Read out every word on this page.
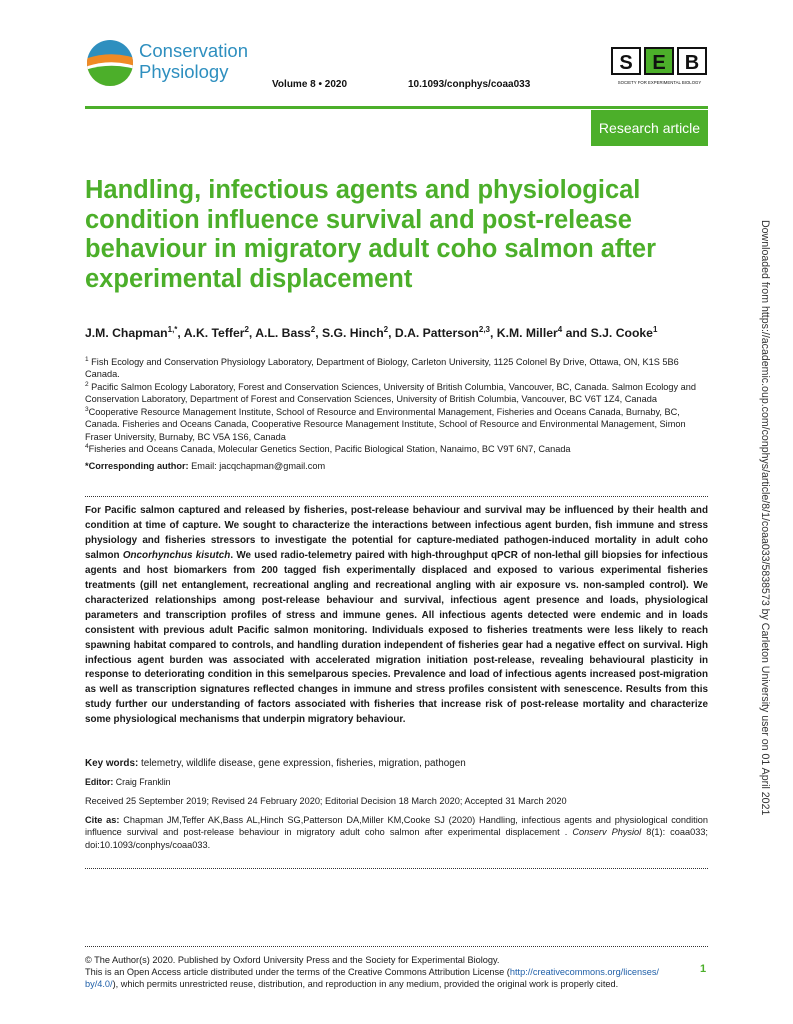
Conservation
Physiology
Volume 8 • 2020	10.1093/conphys/coaa033
S E B
SOCIETY FOR EXPERIMENTAL BIOLOGY
Research article
Handling, infectious agents and physiological condition influence survival and post-release behaviour in migratory adult coho salmon after experimental displacement
J.M. Chapman$^{1,*}$, A.K. Teffer$^2$, A.L. Bass$^2$, S.G. Hinch$^2$, D.A. Patterson$^{2,3}$, K.M. Miller$^4$ and S.J. Cooke$^1$
$^1$ Fish Ecology and Conservation Physiology Laboratory, Department of Biology, Carleton University, 1125 Colonel By Drive, Ottawa, ON, K1S 5B6 Canada.
$^2$ Pacific Salmon Ecology Laboratory, Forest and Conservation Sciences, University of British Columbia, Vancouver, BC, Canada. Salmon Ecology and Conservation Laboratory, Department of Forest and Conservation Sciences, University of British Columbia, Vancouver, BC V6T 1Z4, Canada
$^3$Cooperative Resource Management Institute, School of Resource and Environmental Management, Fisheries and Oceans Canada, Burnaby, BC, Canada. Fisheries and Oceans Canada, Cooperative Resource Management Institute, School of Resource and Environmental Management, Simon Fraser University, Burnaby, BC V5A 1S6, Canada
$^4$Fisheries and Oceans Canada, Molecular Genetics Section, Pacific Biological Station, Nanaimo, BC V9T 6N7, Canada
*Corresponding author: Email: jacqchapman@gmail.com
For Pacific salmon captured and released by fisheries, post-release behaviour and survival may be influenced by their health and condition at time of capture. We sought to characterize the interactions between infectious agent burden, fish immune and stress physiology and fisheries stressors to investigate the potential for capture-mediated pathogen-induced mortality in adult coho salmon Oncorhynchus kisutch. We used radio-telemetry paired with high-throughput qPCR of non-lethal gill biopsies for infectious agents and host biomarkers from 200 tagged fish experimentally displaced and exposed to various experimental fisheries treatments (gill net entanglement, recreational angling and recreational angling with air exposure vs. non-sampled control). We characterized relationships among post-release behaviour and survival, infectious agent presence and loads, physiological parameters and transcription profiles of stress and immune genes. All infectious agents detected were endemic and in loads consistent with previous adult Pacific salmon monitoring. Individuals exposed to fisheries treatments were less likely to reach spawning habitat compared to controls, and handling duration independent of fisheries gear had a negative effect on survival. High infectious agent burden was associated with accelerated migration initiation post-release, revealing behavioural plasticity in response to deteriorating condition in this semelparous species. Prevalence and load of infectious agents increased post-migration as well as transcription signatures reflected changes in immune and stress profiles consistent with senescence. Results from this study further our understanding of factors associated with fisheries that increase risk of post-release mortality and characterize some physiological mechanisms that underpin migratory behaviour.
Key words: telemetry, wildlife disease, gene expression, fisheries, migration, pathogen
Editor: Craig Franklin
Received 25 September 2019; Revised 24 February 2020; Editorial Decision 18 March 2020; Accepted 31 March 2020
Cite as: Chapman JM,Teffer AK,Bass AL,Hinch SG,Patterson DA,Miller KM,Cooke SJ (2020) Handling, infectious agents and physiological condition influence survival and post-release behaviour in migratory adult coho salmon after experimental displacement . Conserv Physiol 8(1): coaa033; doi:10.1093/conphys/coaa033.
© The Author(s) 2020. Published by Oxford University Press and the Society for Experimental Biology.
This is an Open Access article distributed under the terms of the Creative Commons Attribution License (http://creativecommons.org/licenses/
by/4.0/), which permits unrestricted reuse, distribution, and reproduction in any medium, provided the original work is properly cited.
1
Downloaded from https://academic.oup.com/conphys/article/8/1/coaa033/5838573 by Carleton University user on 01 April 2021
